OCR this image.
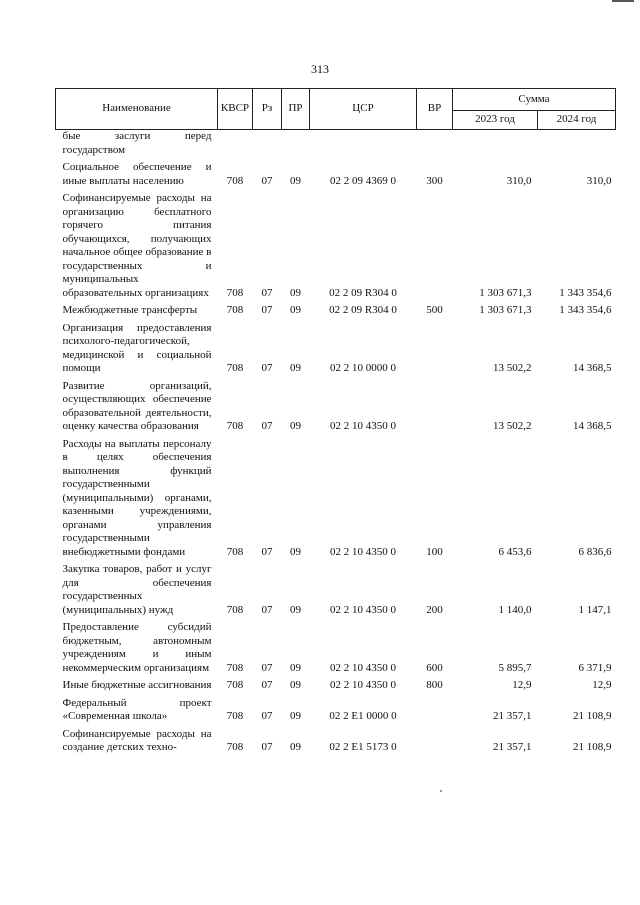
313
Наименование	КВСР	Рз	ПР	ЦСР	ВР	Сумма	
						2023 год	2024 год
бые заслуги перед государством							
Социальное обеспечение и иные выплаты населению	708	07	09	02 2 09 4369 0	300	310,0	310,0
Софинансируемые расходы на организацию бесплатного горячего питания обучающихся, получающих начальное общее образование в государственных и муниципальных образовательных организациях	708	07	09	02 2 09 R304 0		1 303 671,3	1 343 354,6
Межбюджетные трансферты	708	07	09	02 2 09 R304 0	500	1 303 671,3	1 343 354,6
Организация предоставления психолого-педагогической, медицинской и социальной помощи	708	07	09	02 2 10 0000 0		13 502,2	14 368,5
Развитие организаций, осуществляющих обеспечение образовательной деятельности, оценку качества образования	708	07	09	02 2 10 4350 0		13 502,2	14 368,5
Расходы на выплаты персоналу в целях обеспечения выполнения функций государственными (муниципальными) органами, казенными учреждениями, органами управления государственными внебюджетными фондами	708	07	09	02 2 10 4350 0	100	6 453,6	6 836,6
Закупка товаров, работ и услуг для обеспечения государственных (муниципальных) нужд	708	07	09	02 2 10 4350 0	200	1 140,0	1 147,1
Предоставление субсидий бюджетным, автономным учреждениям и иным некоммерческим организациям	708	07	09	02 2 10 4350 0	600	5 895,7	6 371,9
Иные бюджетные ассигнования	708	07	09	02 2 10 4350 0	800	12,9	12,9
Федеральный проект «Современная школа»	708	07	09	02 2 E1 0000 0		21 357,1	21 108,9
Софинансируемые расходы на создание детских техно-	708	07	09	02 2 E1 5173 0		21 357,1	21 108,9
